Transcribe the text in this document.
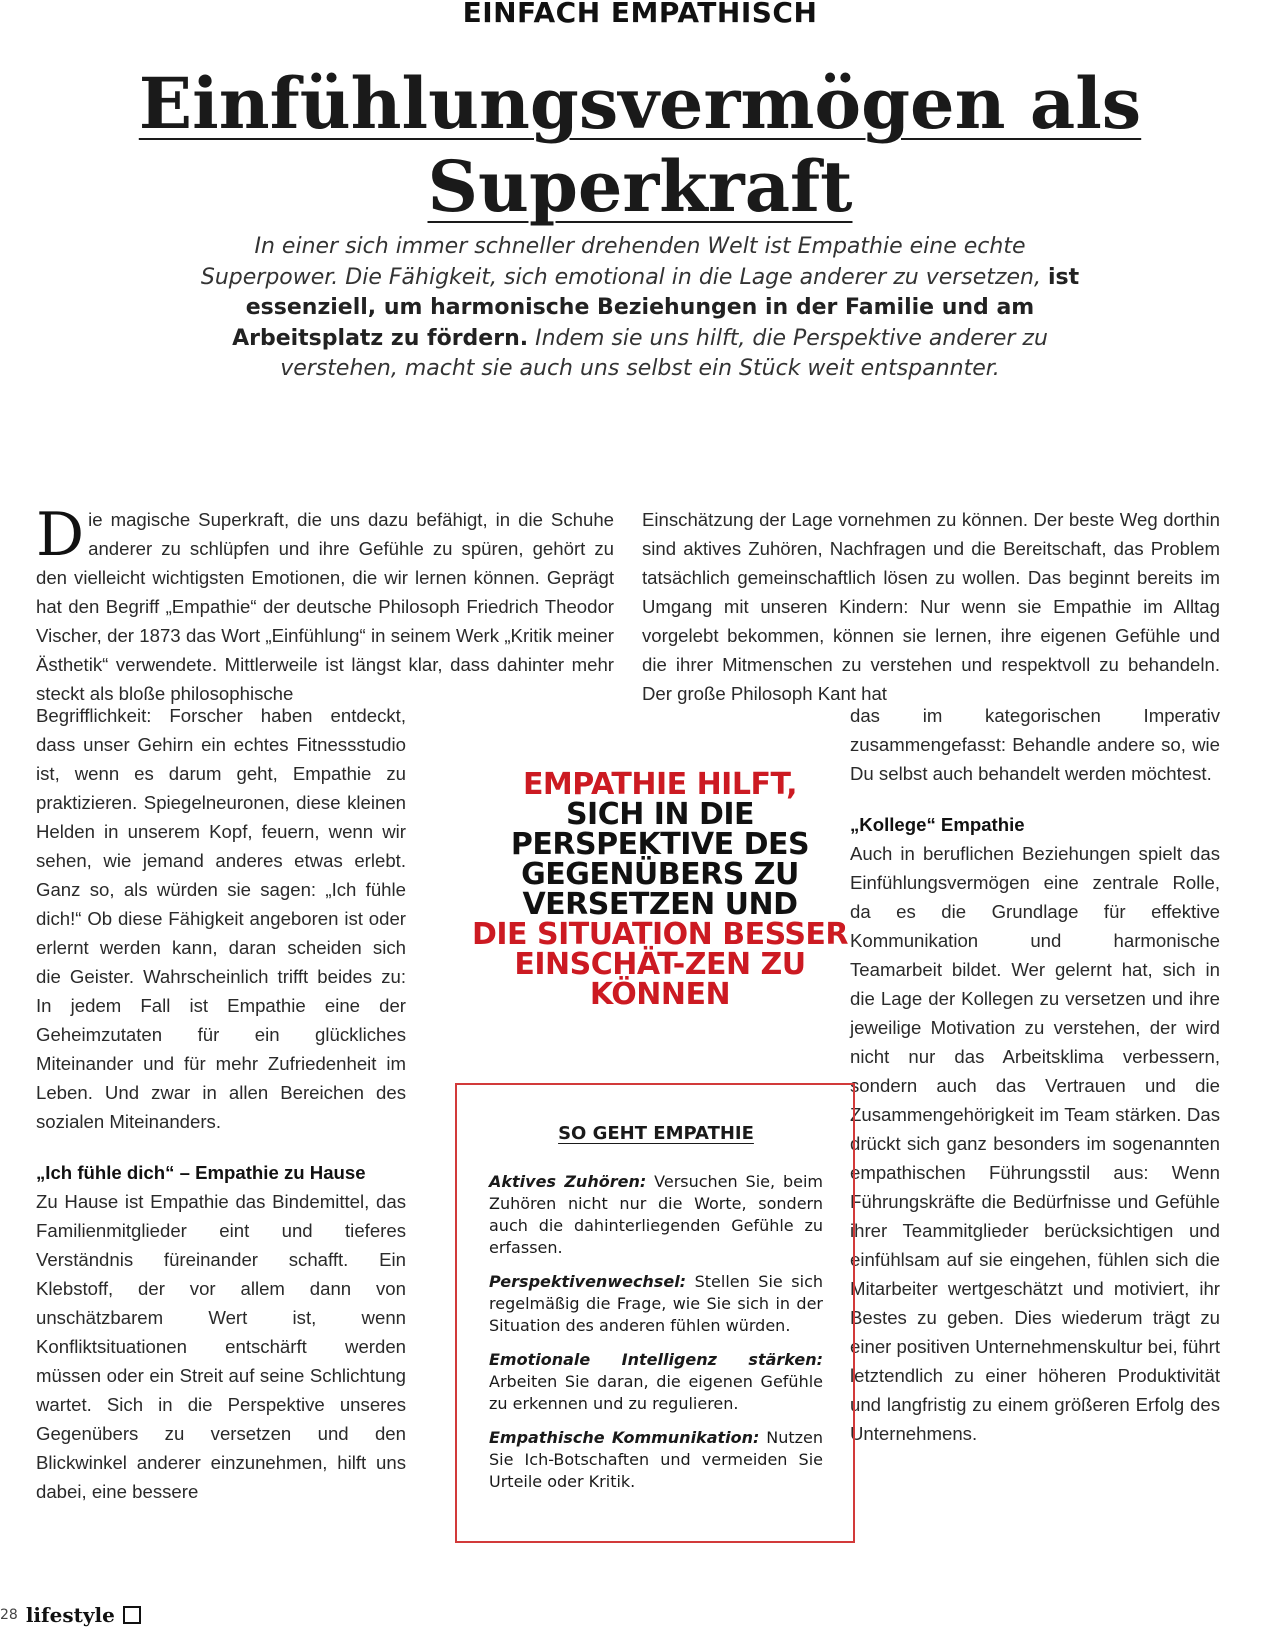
EINFACH EMPATHISCH
Einfühlungsvermögen als Superkraft
In einer sich immer schneller drehenden Welt ist Empathie eine echte Superpower. Die Fähigkeit, sich emotional in die Lage anderer zu versetzen, ist essenziell, um harmonische Beziehungen in der Familie und am Arbeitsplatz zu fördern. Indem sie uns hilft, die Perspektive anderer zu verstehen, macht sie auch uns selbst ein Stück weit entspannter.

Die magische Superkraft, die uns dazu befähigt, in die Schuhe anderer zu schlüpfen und ihre Gefühle zu spüren, gehört zu den vielleicht wichtigsten Emotionen, die wir lernen können. Geprägt hat den Begriff „Empathie“ der deutsche Philosoph Friedrich Theodor Vischer, der 1873 das Wort „Einfühlung“ in seinem Werk „Kritik meiner Ästhetik“ verwendete. Mittlerweile ist längst klar, dass dahinter mehr steckt als bloße philosophische

Begrifflichkeit: Forscher haben entdeckt, dass unser Gehirn ein echtes Fitnessstudio ist, wenn es darum geht, Empathie zu praktizieren. Spiegelneuronen, diese kleinen Helden in unserem Kopf, feuern, wenn wir sehen, wie jemand anderes etwas erlebt. Ganz so, als würden sie sagen: „Ich fühle dich!“ Ob diese Fähigkeit angeboren ist oder erlernt werden kann, daran scheiden sich die Geister. Wahrscheinlich trifft beides zu: In jedem Fall ist Empathie eine der Geheimzutaten für ein glückliches Miteinander und für mehr Zufriedenheit im Leben. Und zwar in allen Bereichen des sozialen Miteinanders.

„Ich fühle dich“ – Empathie zu Hause

Zu Hause ist Empathie das Bindemittel, das Familienmitglieder eint und tieferes Verständnis füreinander schafft. Ein Klebstoff, der vor allem dann von unschätzbarem Wert ist, wenn Konfliktsituationen entschärft werden müssen oder ein Streit auf seine Schlichtung wartet. Sich in die Perspektive unseres Gegenübers zu versetzen und den Blickwinkel anderer einzunehmen, hilft uns dabei, eine bessere

Einschätzung der Lage vornehmen zu können. Der beste Weg dorthin sind aktives Zuhören, Nachfragen und die Bereitschaft, das Problem tatsächlich gemeinschaftlich lösen zu wollen. Das beginnt bereits im Umgang mit unseren Kindern: Nur wenn sie Empathie im Alltag vorgelebt bekommen, können sie lernen, ihre eigenen Gefühle und die ihrer Mitmenschen zu verstehen und respektvoll zu behandeln. Der große Philosoph Kant hat

das im kategorischen Imperativ zusammengefasst: Behandle andere so, wie Du selbst auch behandelt werden möchtest.

„Kollege“ Empathie

Auch in beruflichen Beziehungen spielt das Einfühlungsvermögen eine zentrale Rolle, da es die Grundlage für effektive Kommunikation und harmonische Teamarbeit bildet. Wer gelernt hat, sich in die Lage der Kollegen zu versetzen und ihre jeweilige Motivation zu verstehen, der wird nicht nur das Arbeitsklima verbessern, sondern auch das Vertrauen und die Zusammengehörigkeit im Team stärken. Das drückt sich ganz besonders im sogenannten empathischen Führungsstil aus: Wenn Führungskräfte die Bedürfnisse und Gefühle ihrer Teammitglieder berücksichtigen und einfühlsam auf sie eingehen, fühlen sich die Mitarbeiter wertgeschätzt und motiviert, ihr Bestes zu geben. Dies wiederum trägt zu einer positiven Unternehmenskultur bei, führt letztendlich zu einer höheren Produktivität und langfristig zu einem größeren Erfolg des Unternehmens.

EMPATHIE HILFT,
SICH IN DIE PERSPEKTIVE DES GEGENÜBERS ZU VERSETZEN UND
DIE SITUATION BESSER EINSCHÄT-ZEN ZU KÖNNEN
SO GEHT EMPATHIE

Aktives Zuhören: Versuchen Sie, beim Zuhören nicht nur die Worte, sondern auch die dahinterliegenden Gefühle zu erfassen.

Perspektivenwechsel: Stellen Sie sich regelmäßig die Frage, wie Sie sich in der Situation des anderen fühlen würden.

Emotionale Intelligenz stärken: Arbeiten Sie daran, die eigenen Gefühle zu erkennen und zu regulieren.

Empathische Kommunikation: Nutzen Sie Ich-Botschaften und vermeiden Sie Urteile oder Kritik.

28 lifestyle
